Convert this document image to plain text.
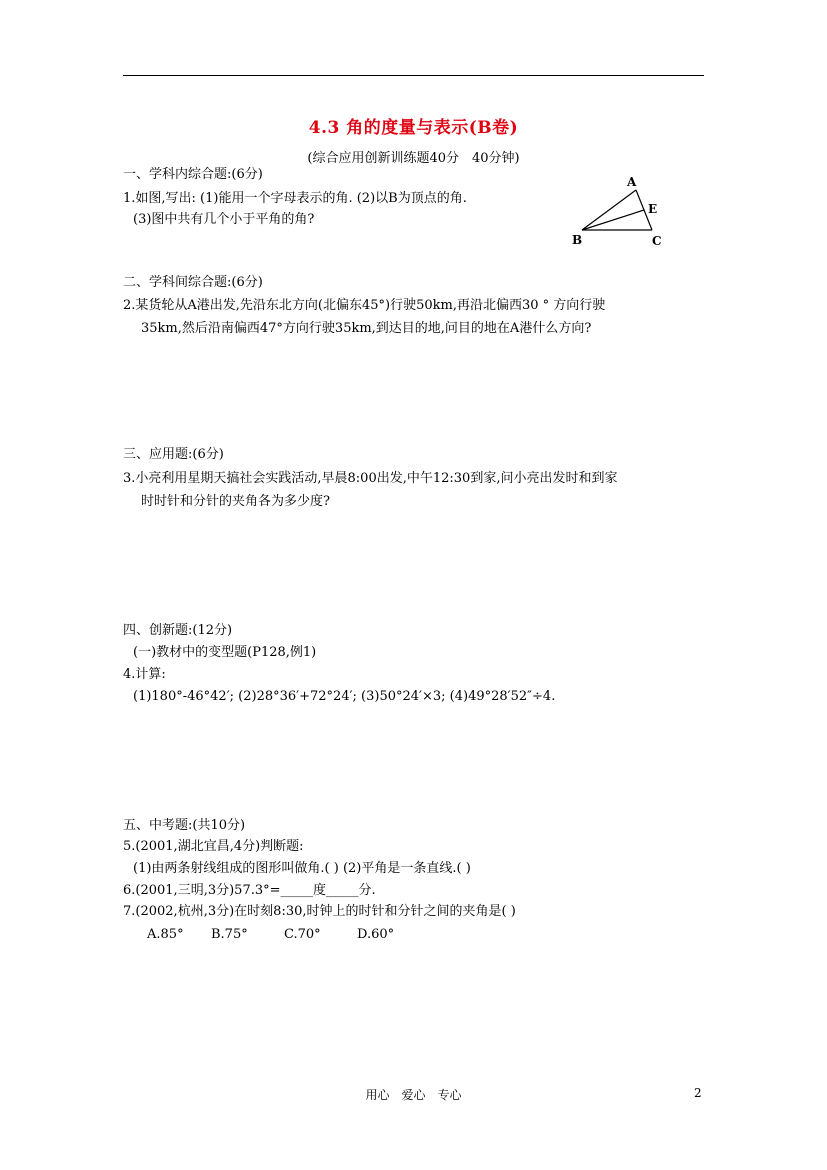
4.3 角的度量与表示(B卷)
(综合应用创新训练题40分　40分钟)
一、学科内综合题:(6分)
1.如图,写出: (1)能用一个字母表示的角. (2)以B为顶点的角.
(3)图中共有几个小于平角的角?
A
E
B	C
二、学科间综合题:(6分)
2.某货轮从A港出发,先沿东北方向(北偏东45°)行驶50km,再沿北偏西30 ° 方向行驶
35km,然后沿南偏西47°方向行驶35km,到达目的地,问目的地在A港什么方向?
三、应用题:(6分)
3.小亮利用星期天搞社会实践活动,早晨8:00出发,中午12:30到家,问小亮出发时和到家
时时针和分针的夹角各为多少度?
四、创新题:(12分)
(一)教材中的变型题(P128,例1)
4.计算:
(1)180°-46°42′; (2)28°36′+72°24′; (3)50°24′×3; (4)49°28′52″÷4.
五、中考题:(共10分)
5.(2001,湖北宜昌,4分)判断题:
(1)由两条射线组成的图形叫做角.( ) (2)平角是一条直线.( )
6.(2001,三明,3分)57.3°=_____度_____分.
7.(2002,杭州,3分)在时刻8:30,时钟上的时针和分针之间的夹角是( )
A.85° B.75°	C.70°	D.60°
用心　爱心　专心	2
